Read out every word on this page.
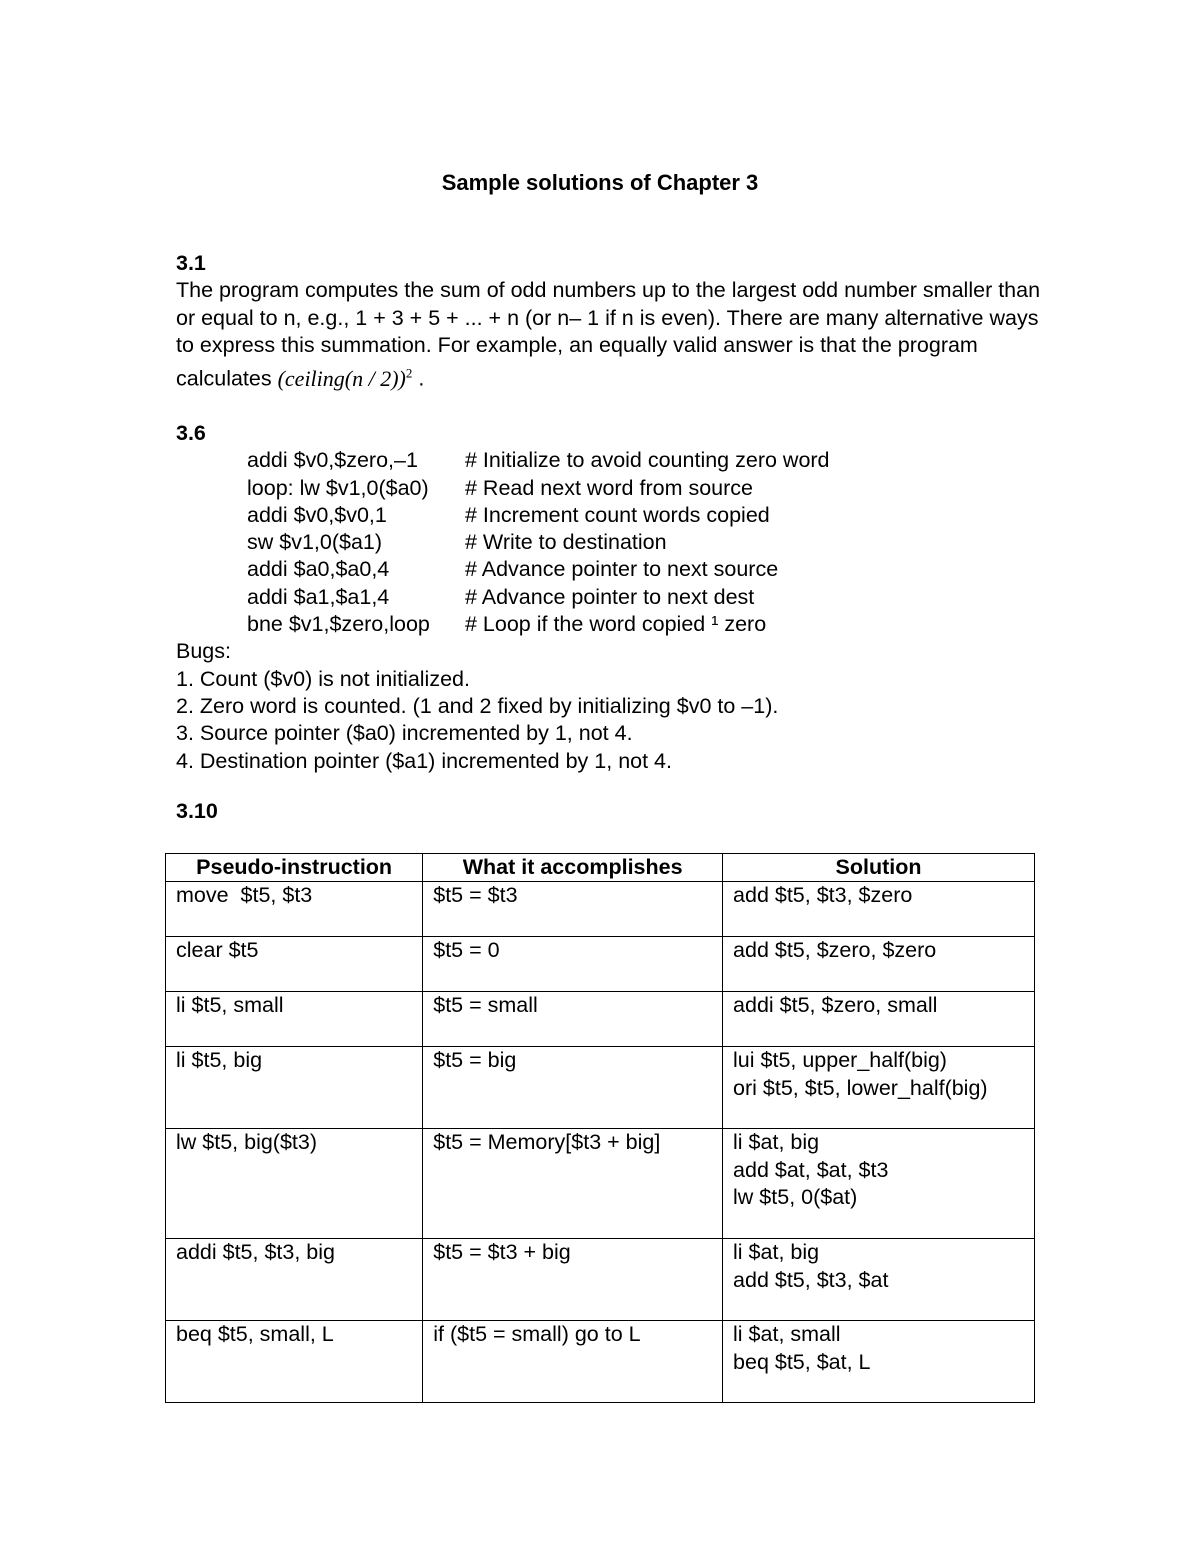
Sample solutions of Chapter 3
3.1

The program computes the sum of odd numbers up to the largest odd number smaller than or equal to n, e.g., 1 + 3 + 5 + ... + n (or n– 1 if n is even). There are many alternative ways to express this summation. For example, an equally valid answer is that the program calculates (ceiling(n / 2))$^2$ .

3.6
addi $v0,$zero,–1 # Initialize to avoid counting zero word
loop: lw $v1,0($a0) # Read next word from source
addi $v0,$v0,1	# Increment count words copied
sw $v1,0($a1)	# Write to destination
addi $a0,$a0,4	# Advance pointer to next source
addi $a1,$a1,4	# Advance pointer to next dest
bne $v1,$zero,loop # Loop if the word copied ¹ zero
Bugs:
1. Count ($v0) is not initialized.
2. Zero word is counted. (1 and 2 fixed by initializing $v0 to –1).
3. Source pointer ($a0) incremented by 1, not 4.
4. Destination pointer ($a1) incremented by 1, not 4.
3.10
Pseudo-instruction	What it accomplishes	Solution
move  $t5, $t3	$t5 = $t3	add $t5, $t3, $zero
clear $t5	$t5 = 0	add $t5, $zero, $zero
li $t5, small	$t5 = small	addi $t5, $zero, small
li $t5, big	$t5 = big	lui $t5, upper_half(big)
ori $t5, $t5, lower_half(big)
lw $t5, big($t3)	$t5 = Memory[$t3 + big]	li $at, big
add $at, $at, $t3
lw $t5, 0($at)
addi $t5, $t3, big	$t5 = $t3 + big	li $at, big
add $t5, $t3, $at
beq $t5, small, L	if ($t5 = small) go to L	li $at, small
beq $t5, $at, L
